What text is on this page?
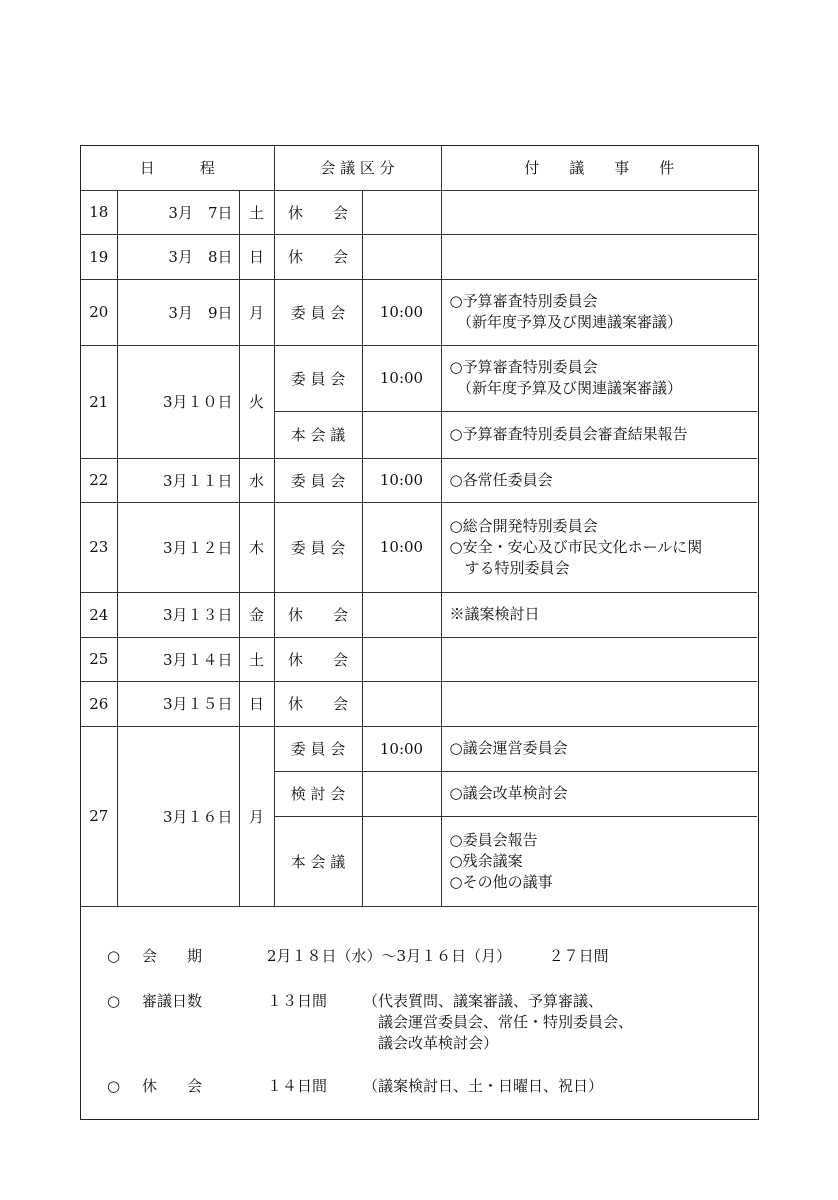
日　　　程			会 議 区 分		付　　議　　事　　件
18	3月　7日	土	休　　会		
19	3月　8日	日	休　　会		
20	3月　9日	月	委 員 会	10:00	○予算審査特別委員会
　（新年度予算及び関連議案審議）

21	3月１０日	火	委 員 会	10:00	○予算審査特別委員会
　（新年度予算及び関連議案審議）

			本 会 議		○予算審査特別委員会審査結果報告

22	3月１１日	水	委 員 会	10:00	○各常任委員会

23	3月１２日	木	委 員 会	10:00	○総合開発特別委員会
○安全・安心及び市民文化ホールに関
　する特別委員会

24	3月１３日	金	休　　会		※議案検討日

25	3月１４日	土	休　　会		
26	3月１５日	日	休　　会		
27	3月１６日	月	委 員 会	10:00	○議会運営委員会

			検 討 会		○議会改革検討会

			本 会 議		○委員会報告
○残余議案
○その他の議事
○ 会　　期	2月１８日（水）～3月１６日（月）　　　２７日間
○ 審議日数	１３日間 （代表質問、議案審議、予算審議、
　議会運営委員会、常任・特別委員会、
　議会改革検討会）
○ 休　　会	１４日間 （議案検討日、土・日曜日、祝日）
